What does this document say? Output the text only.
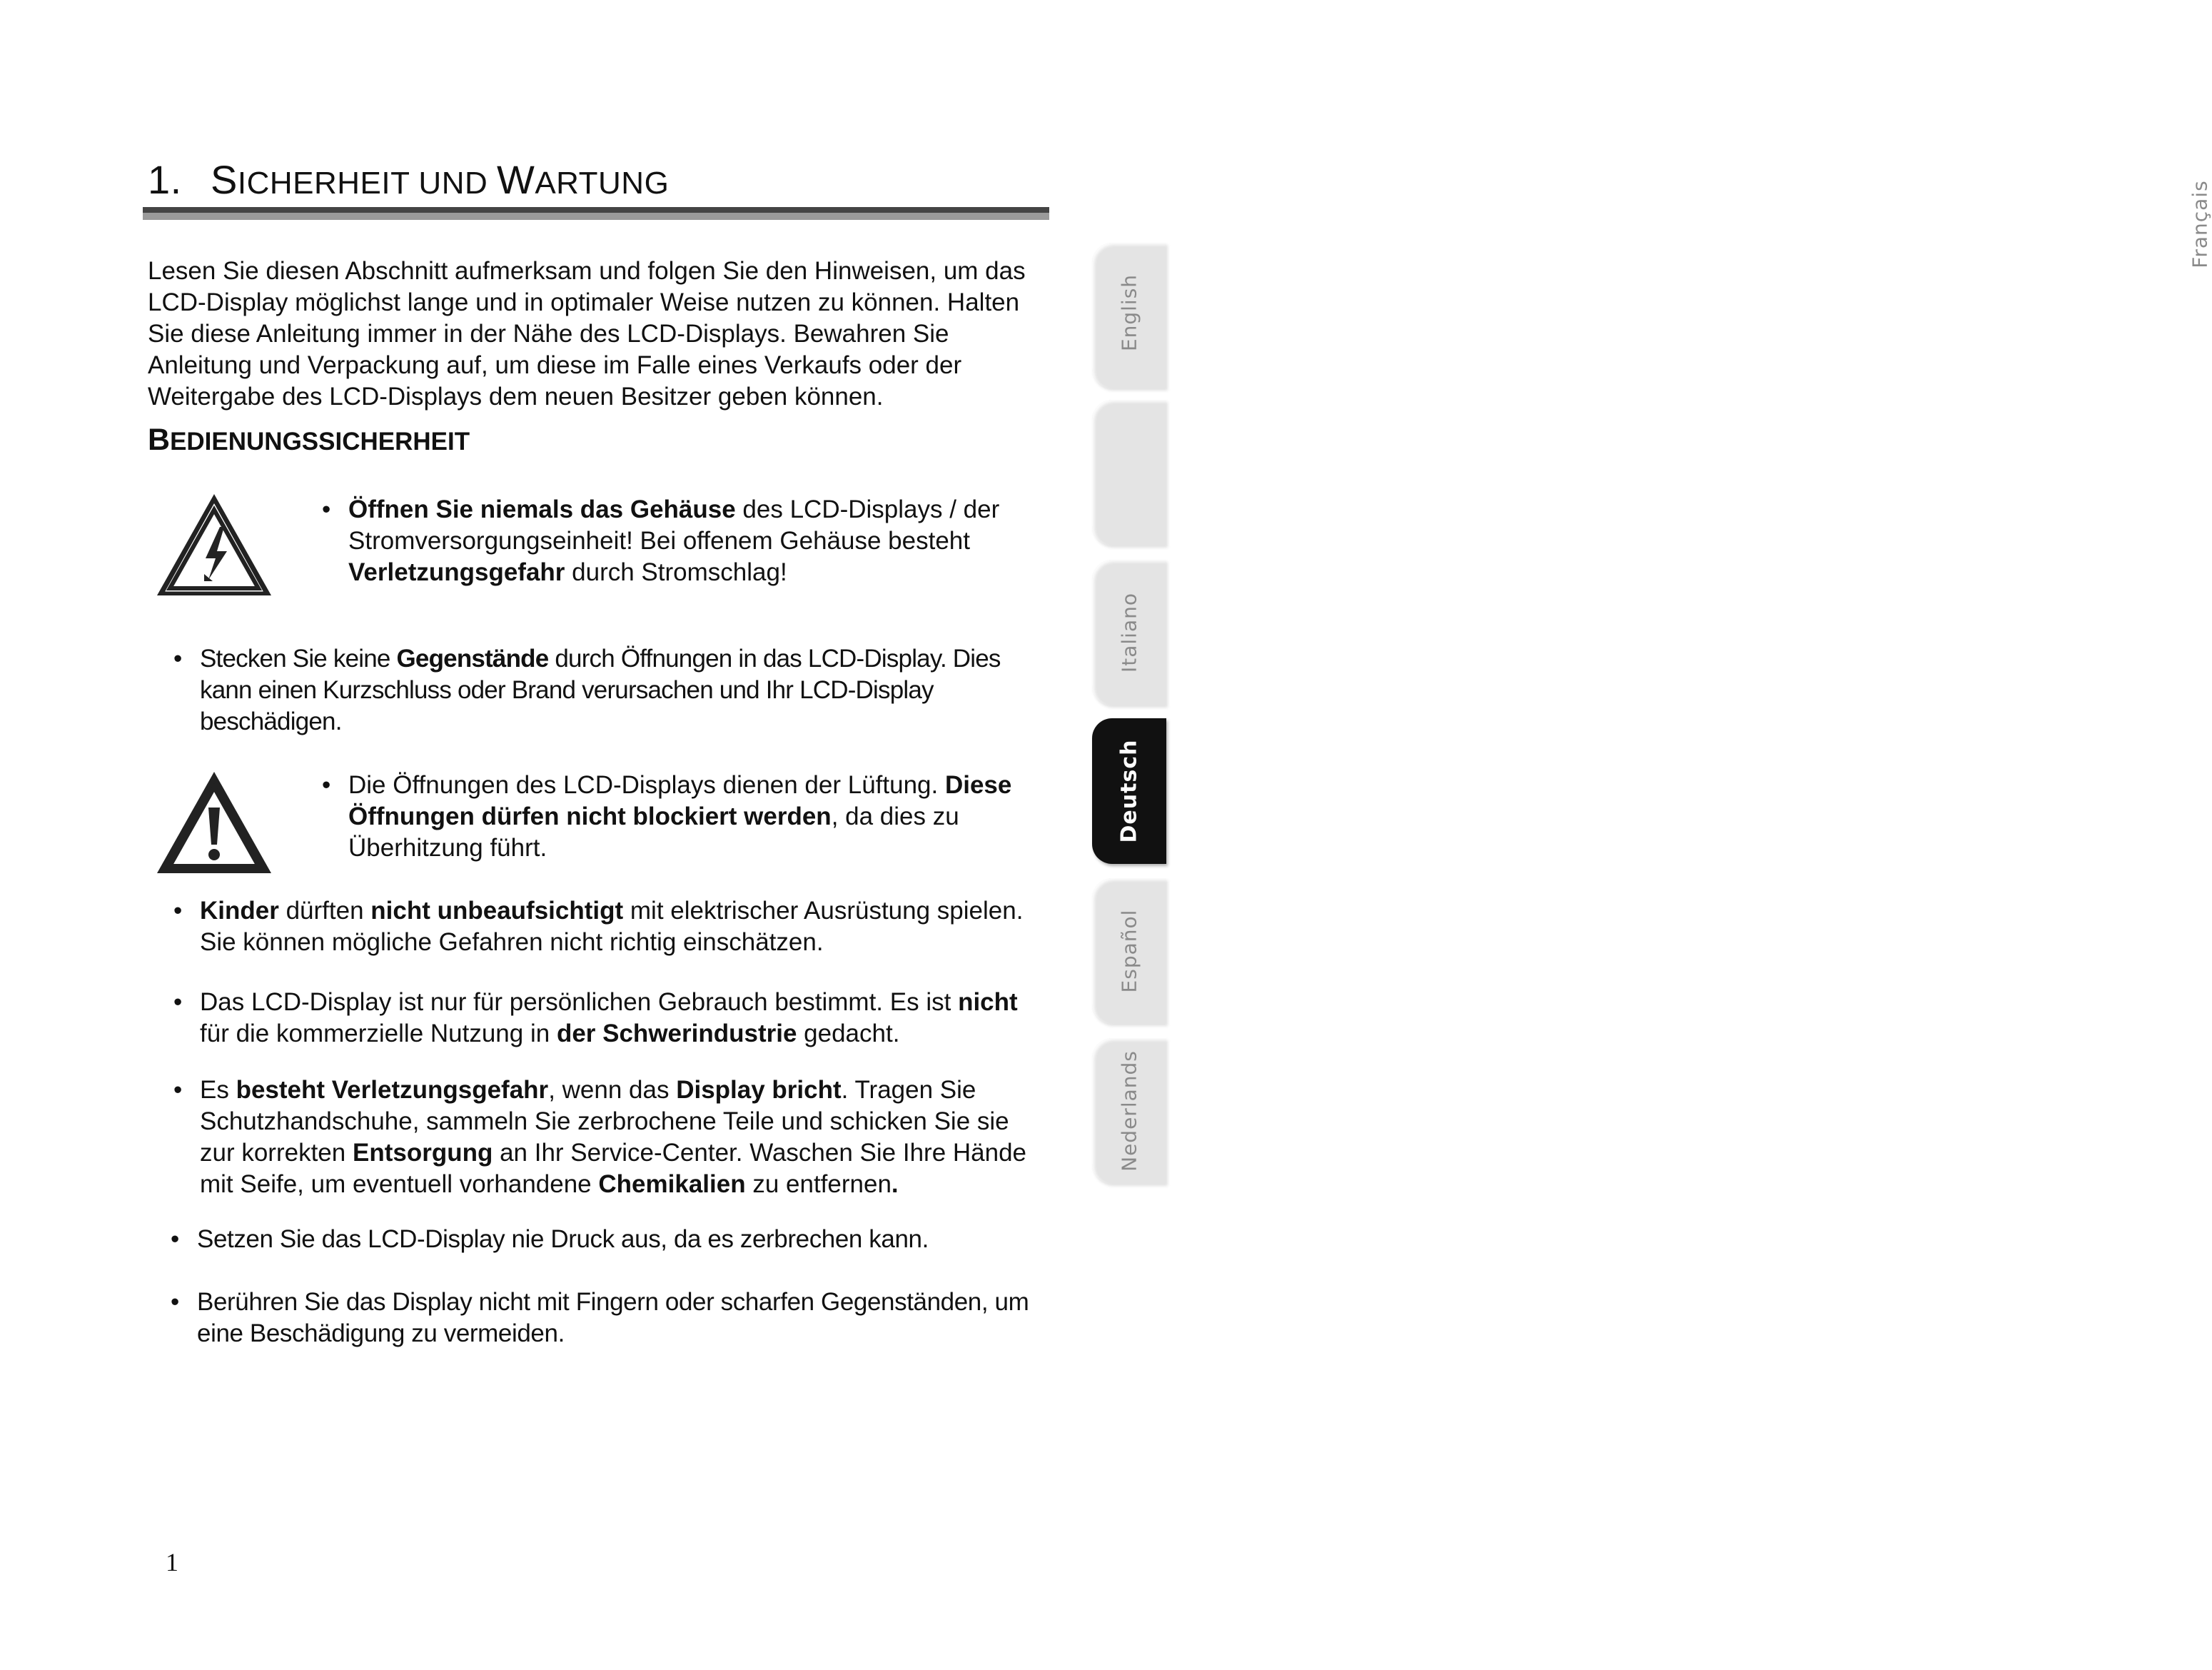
1. SICHERHEIT UND WARTUNG

Lesen Sie diesen Abschnitt aufmerksam und folgen Sie den Hinweisen, um das LCD-Display möglichst lange und in optimaler Weise nutzen zu können. Halten Sie diese Anleitung immer in der Nähe des LCD-Displays. Bewahren Sie Anleitung und Verpackung auf, um diese im Falle eines Verkaufs oder der Weitergabe des LCD-Displays dem neuen Besitzer geben können.

BEDIENUNGSSICHERHEIT

• Öffnen Sie niemals das Gehäuse des LCD-Displays / der Stromversorgungseinheit! Bei offenem Gehäuse besteht Verletzungsgefahr durch Stromschlag!

• Stecken Sie keine Gegenstände durch Öffnungen in das LCD-Display. Dies kann einen Kurzschluss oder Brand verursachen und Ihr LCD-Display beschädigen.

• Die Öffnungen des LCD-Displays dienen der Lüftung. Diese Öffnungen dürfen nicht blockiert werden, da dies zu Überhitzung führt.

• Kinder dürften nicht unbeaufsichtigt mit elektrischer Ausrüstung spielen. Sie können mögliche Gefahren nicht richtig einschätzen.

• Das LCD-Display ist nur für persönlichen Gebrauch bestimmt. Es ist nicht für die kommerzielle Nutzung in der Schwerindustrie gedacht.

• Es besteht Verletzungsgefahr, wenn das Display bricht. Tragen Sie Schutzhandschuhe, sammeln Sie zerbrochene Teile und schicken Sie sie zur korrekten Entsorgung an Ihr Service-Center. Waschen Sie Ihre Hände mit Seife, um eventuell vorhandene Chemikalien zu entfernen.

• Setzen Sie das LCD-Display nie Druck aus, da es zerbrechen kann.

• Berühren Sie das Display nicht mit Fingern oder scharfen Gegenständen, um eine Beschädigung zu vermeiden.

English
Français
Italiano
Deutsch
Español
Nederlands

1
